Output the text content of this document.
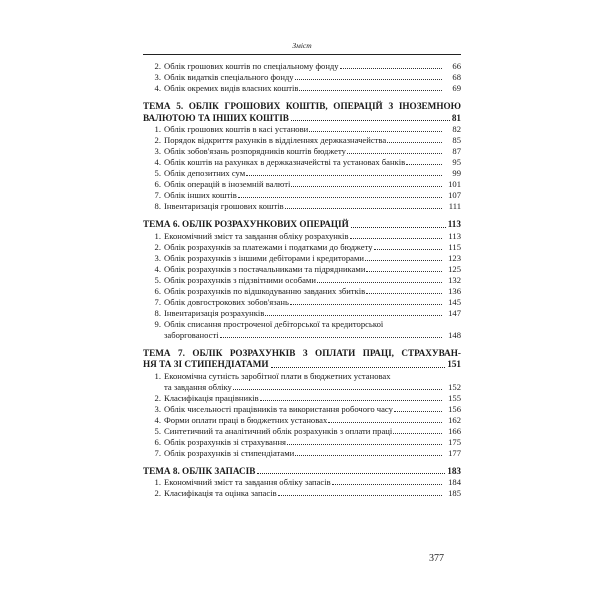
Зміст
2. Облік грошових коштів по спеціальному фонду	66
3. Облік видатків спеціального фонду	68
4. Облік окремих видів власних коштів	69
ТЕМА 5. ОБЛІК ГРОШОВИХ КОШТІВ, ОПЕРАЦІЙ З ІНОЗЕМНОЮ
ВАЛЮТОЮ ТА ІНШИХ КОШТІВ	81
1. Облік грошових коштів в касі установи	82
2. Порядок відкриття рахунків в відділеннях держказначейства	85
3. Облік зобов'язань розпорядників коштів бюджету	87
4. Облік коштів на рахунках в держказначействі та установах банків	95
5. Облік депозитних сум	99
6. Облік операцій в іноземній валюті	101
7. Облік інших коштів	107
8. Інвентаризація грошових коштів	111
ТЕМА 6. ОБЛІК РОЗРАХУНКОВИХ ОПЕРАЦІЙ	113
1. Економічний зміст та завдання обліку розрахунків	113
2. Облік розрахунків за платежами і податками до бюджету	115
3. Облік розрахунків з іншими дебіторами і кредиторами	123
4. Облік розрахунків з постачальниками та підрядниками	125
5. Облік розрахунків з підзвітними особами	132
6. Облік розрахунків по відшкодуванню завданих збитків	136
7. Облік довгострокових зобов'язань	145
8. Інвентаризація розрахунків	147
9. Облік списання простроченої дебіторської та кредиторської
заборгованості	148
ТЕМА 7. ОБЛІК РОЗРАХУНКІВ З ОПЛАТИ ПРАЦІ, СТРАХУВАН-
НЯ ТА ЗІ СТИПЕНДІАТАМИ	151
1. Економічна сутність заробітної плати в бюджетних установах
та завдання обліку	152
2. Класифікація працівників	155
3. Облік чисельності працівників та використання робочого часу	156
4. Форми оплати праці в бюджетних установах	162
5. Синтетичний та аналітичний облік розрахунків з оплати праці	166
6. Облік розрахунків зі страхування	175
7. Облік розрахунків зі стипендіатами	177
ТЕМА 8. ОБЛІК ЗАПАСІВ	183
1. Економічний зміст та завдання обліку запасів	184
2. Класифікація та оцінка запасів	185
377
